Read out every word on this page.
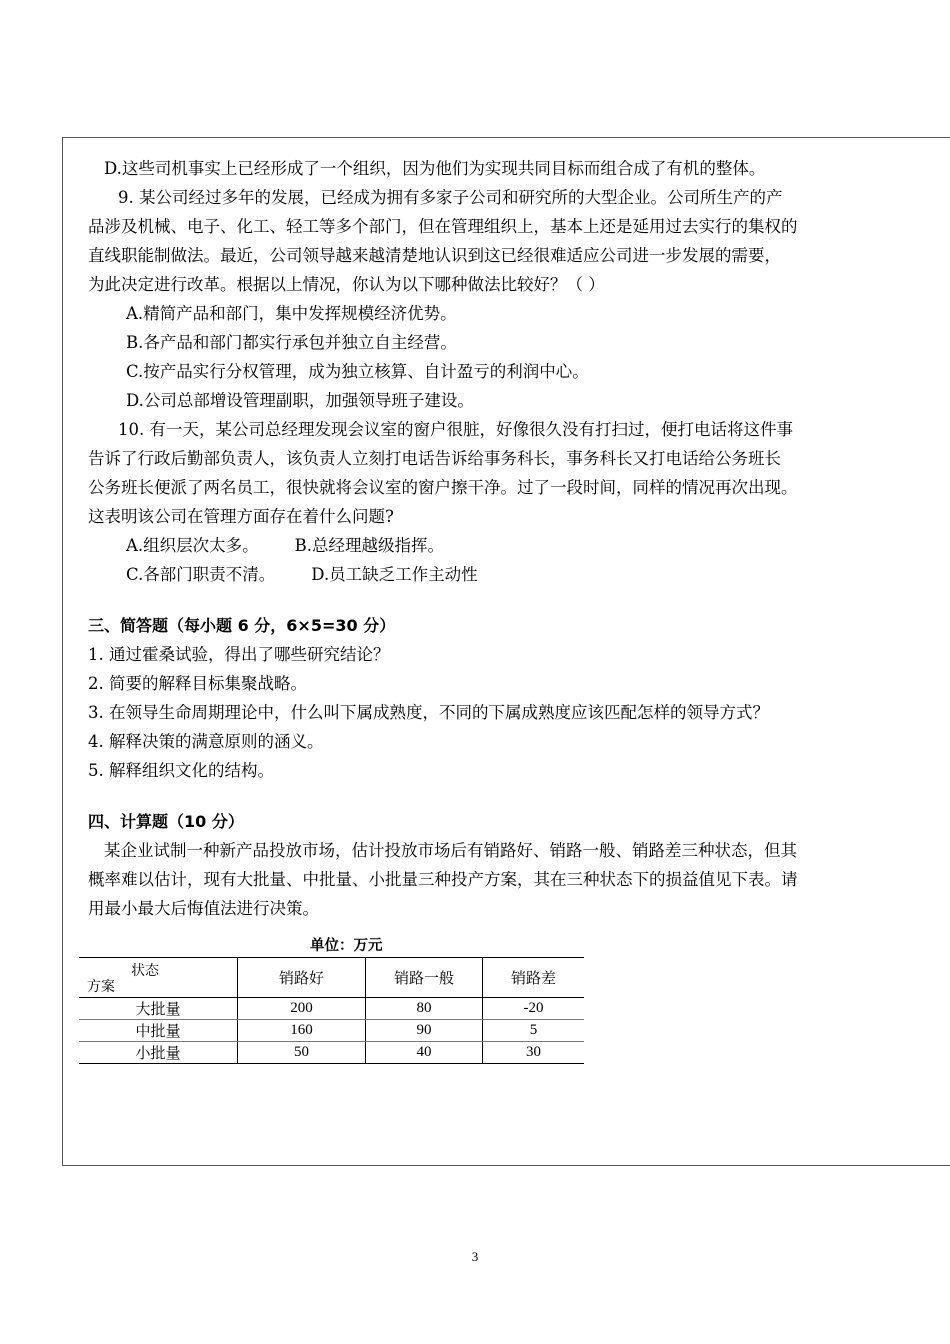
D.这些司机事实上已经形成了一个组织，因为他们为实现共同目标而组合成了有机的整体。
9. 某公司经过多年的发展，已经成为拥有多家子公司和研究所的大型企业。公司所生产的产
品涉及机械、电子、化工、轻工等多个部门，但在管理组织上，基本上还是延用过去实行的集权的
直线职能制做法。最近，公司领导越来越清楚地认识到这已经很难适应公司进一步发展的需要，
为此决定进行改革。根据以上情况，你认为以下哪种做法比较好？（ ）
A.精简产品和部门，集中发挥规模经济优势。
B.各产品和部门都实行承包并独立自主经营。
C.按产品实行分权管理，成为独立核算、自计盈亏的利润中心。
D.公司总部增设管理副职，加强领导班子建设。
10. 有一天，某公司总经理发现会议室的窗户很脏，好像很久没有打扫过，便打电话将这件事
告诉了行政后勤部负责人，该负责人立刻打电话告诉给事务科长，事务科长又打电话给公务班长
公务班长便派了两名员工，很快就将会议室的窗户擦干净。过了一段时间，同样的情况再次出现。
这表明该公司在管理方面存在着什么问题?
A.组织层次太多。 B.总经理越级指挥。
C.各部门职责不清。 D.员工缺乏工作主动性
三、简答题（每小题 6 分，6×5=30 分）
1. 通过霍桑试验，得出了哪些研究结论？
2. 简要的解释目标集聚战略。
3. 在领导生命周期理论中，什么叫下属成熟度，不同的下属成熟度应该匹配怎样的领导方式？
4. 解释决策的满意原则的涵义。
5. 解释组织文化的结构。
四、计算题（10 分）
某企业试制一种新产品投放市场，估计投放市场后有销路好、销路一般、销路差三种状态，但其
概率难以估计，现有大批量、中批量、小批量三种投产方案，其在三种状态下的损益值见下表。请
用最小最大后悔值法进行决策。
单位：万元
状态
方案	销路好	销路一般	销路差
大批量	200	80	-20
中批量	160	90	5
小批量	50	40	30
3
